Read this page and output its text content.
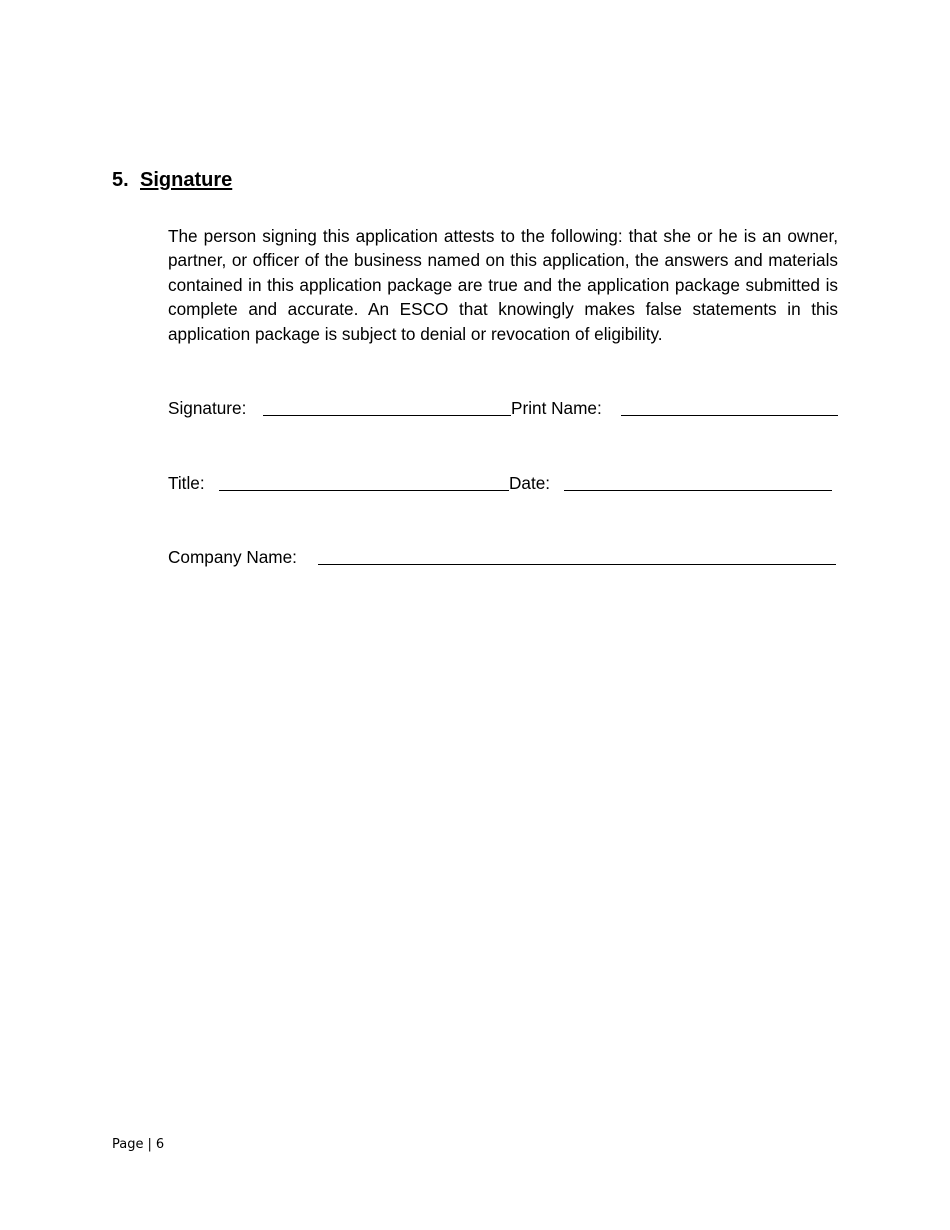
5. Signature

The person signing this application attests to the following: that she or he is an owner, partner, or officer of the business named on this application, the answers and materials contained in this application package are true and the application package submitted is complete and accurate. An ESCO that knowingly makes false statements in this application package is subject to denial or revocation of eligibility.

Signature:	Print Name:
Title:	Date:
Company Name:
Page | 6
